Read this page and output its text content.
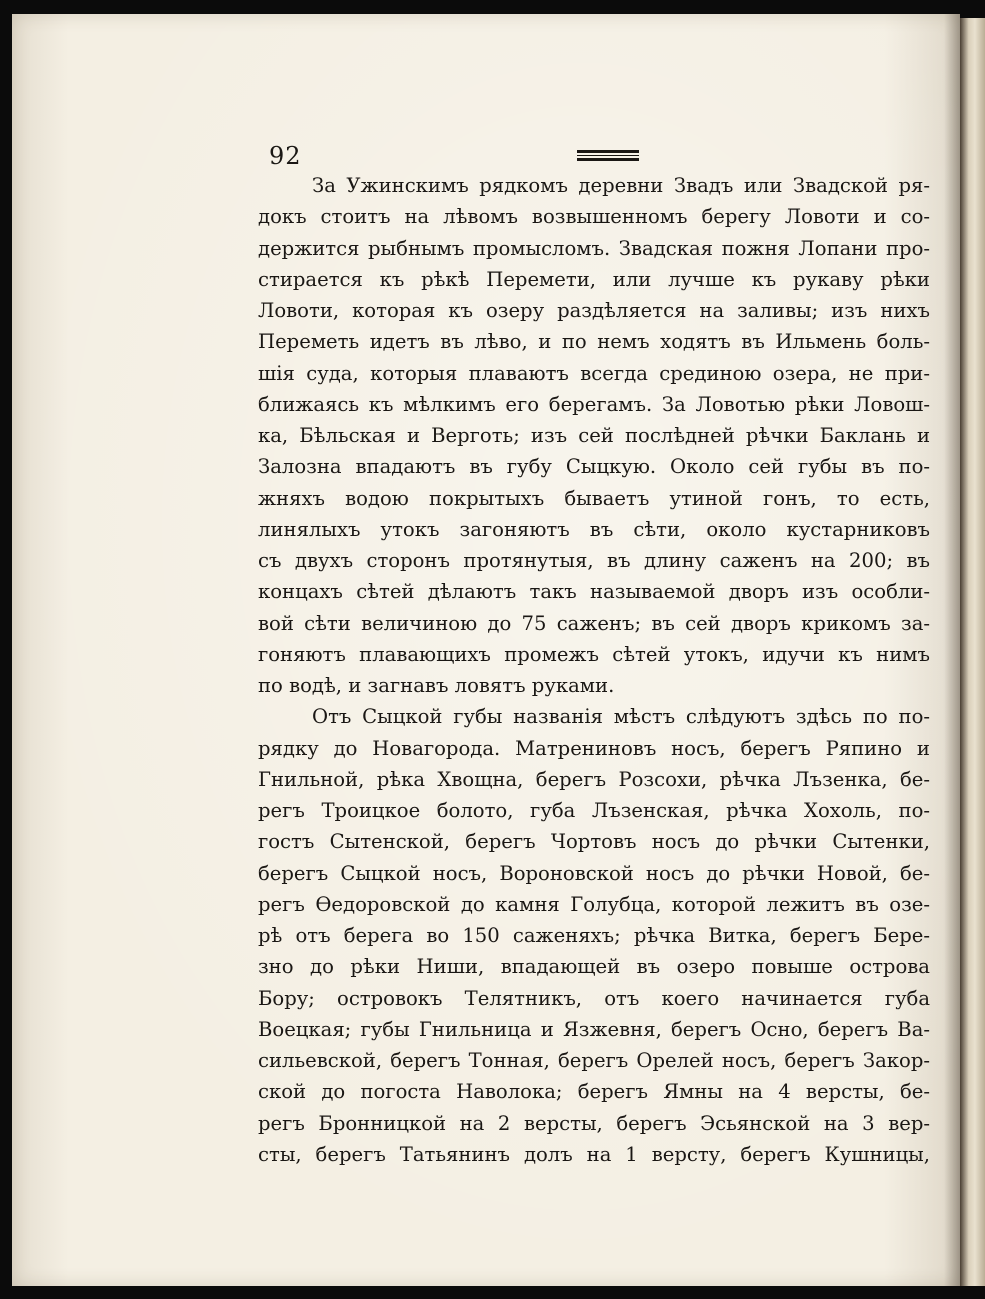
92

За Ужинскимъ рядкомъ деревни Звадъ или Звадской ря-
докъ стоитъ на лѣвомъ возвышенномъ берегу Ловоти и со-
держится рыбнымъ промысломъ. Звадская пожня Лопани про-
стирается къ рѣкѣ Перемети, или лучше къ рукаву рѣки
Ловоти, которая къ озеру раздѣляется на заливы; изъ нихъ
Переметь идетъ въ лѣво, и по немъ ходятъ въ Ильмень боль-
шія суда, которыя плаваютъ всегда срединою озера, не при-
ближаясь къ мѣлкимъ его берегамъ. За Ловотью рѣки Ловош-
ка, Бѣльская и Верготь; изъ сей послѣдней рѣчки Баклань и
Залозна впадаютъ въ губу Сыцкую. Около сей губы въ по-
жняхъ водою покрытыхъ бываетъ утиной гонъ, то есть,
линялыхъ утокъ загоняютъ въ сѣти, около кустарниковъ
съ двухъ сторонъ протянутыя, въ длину саженъ на 200; въ
концахъ сѣтей дѣлаютъ такъ называемой дворъ изъ особли-
вой сѣти величиною до 75 саженъ; въ сей дворъ крикомъ за-
гоняютъ плавающихъ промежъ сѣтей утокъ, идучи къ нимъ
по водѣ, и загнавъ ловятъ руками.

Отъ Сыцкой губы названія мѣстъ слѣдуютъ здѣсь по по-
рядку до Новагорода. Матрениновъ носъ, берегъ Ряпино и
Гнильной, рѣка Хвощна, берегъ Розсохи, рѣчка Лъзенка, бе-
регъ Троицкое болото, губа Лъзенская, рѣчка Хохоль, по-
гостъ Сытенской, берегъ Чортовъ носъ до рѣчки Сытенки,
берегъ Сыцкой носъ, Вороновской носъ до рѣчки Новой, бе-
регъ Ѳедоровской до камня Голубца, которой лежитъ въ озе-
рѣ отъ берега во 150 саженяхъ; рѣчка Витка, берегъ Бере-
зно до рѣки Ниши, впадающей въ озеро повыше острова
Бору; островокъ Телятникъ, отъ коего начинается губа
Воецкая; губы Гнильница и Язжевня, берегъ Осно, берегъ Ва-
сильевской, берегъ Тонная, берегъ Орелей носъ, берегъ Закор-
ской до погоста Наволока; берегъ Ямны на 4 версты, бе-
регъ Бронницкой на 2 версты, берегъ Эсьянской на 3 вер-
сты, берегъ Татьянинъ долъ на 1 версту, берегъ Кушницы,
